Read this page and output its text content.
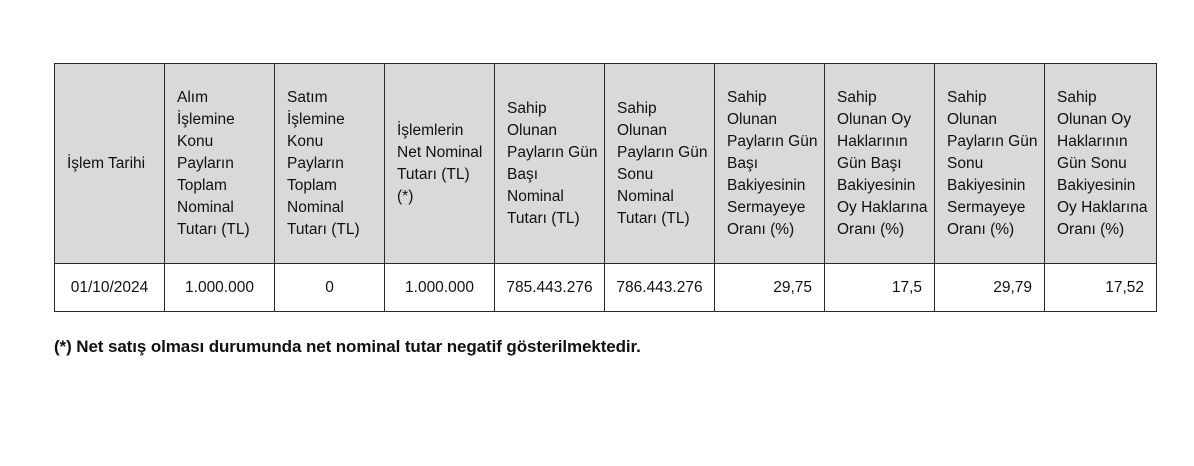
İşlem Tarihi	Alım İşlemine Konu Payların Toplam Nominal Tutarı (TL)	Satım İşlemine Konu Payların Toplam Nominal Tutarı (TL)	İşlemlerin Net Nominal Tutarı (TL) (*)	Sahip Olunan Payların Gün Başı Nominal Tutarı (TL)	Sahip Olunan Payların Gün Sonu Nominal Tutarı (TL)	Sahip Olunan Payların Gün Başı Bakiyesinin Sermayeye Oranı (%)	Sahip Olunan Oy Haklarının Gün Başı Bakiyesinin Oy Haklarına Oranı (%)	Sahip Olunan Payların Gün Sonu Bakiyesinin Sermayeye Oranı (%)	Sahip Olunan Oy Haklarının Gün Sonu Bakiyesinin Oy Haklarına Oranı (%)
01/10/2024	1.000.000	0	1.000.000	785.443.276	786.443.276	29,75	17,5	29,79	17,52
(*) Net satış olması durumunda net nominal tutar negatif gösterilmektedir.
